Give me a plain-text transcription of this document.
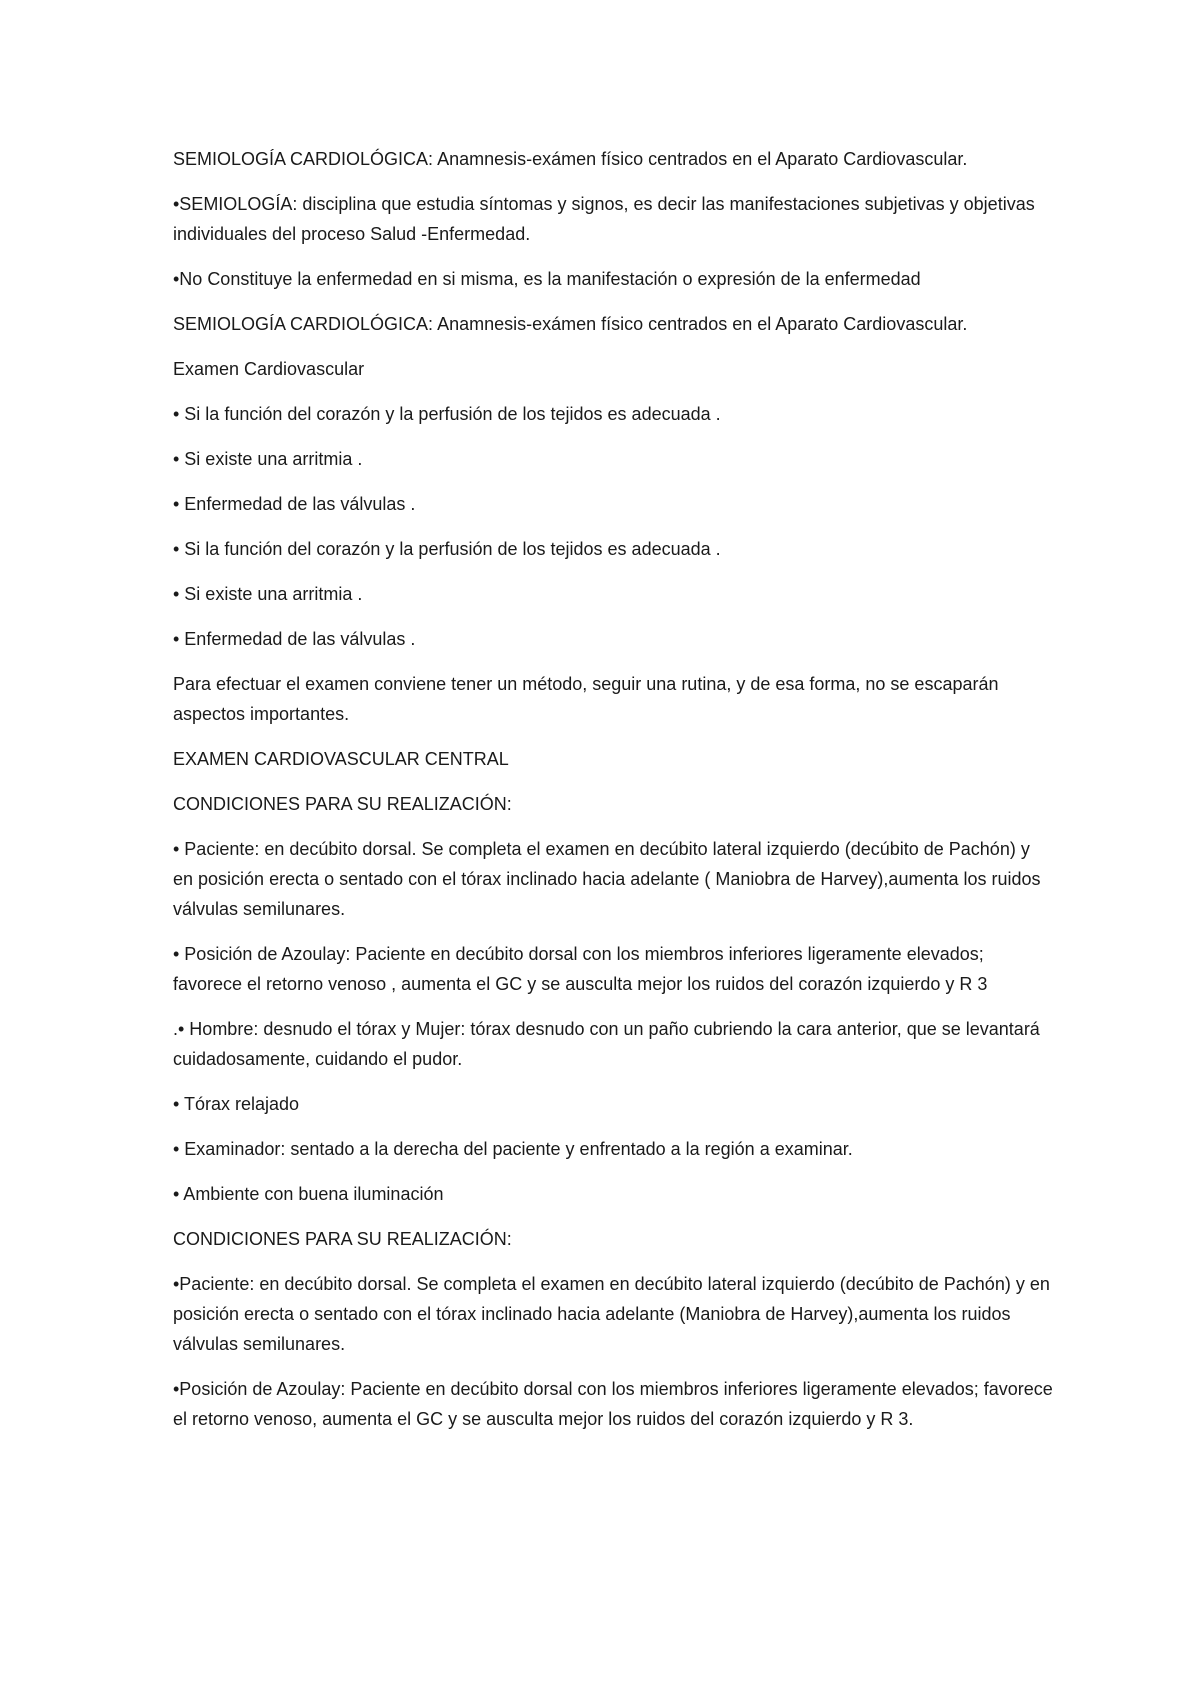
SEMIOLOGÍA CARDIOLÓGICA: Anamnesis-exámen físico centrados en el Aparato Cardiovascular.

•SEMIOLOGÍA: disciplina que estudia síntomas y signos, es decir las manifestaciones subjetivas y objetivas individuales del proceso Salud -Enfermedad.

•No Constituye la enfermedad en si misma, es la manifestación o expresión de la enfermedad

SEMIOLOGÍA CARDIOLÓGICA: Anamnesis-exámen físico centrados en el Aparato Cardiovascular.

Examen Cardiovascular

• Si la función del corazón y la perfusión de los tejidos es adecuada .

• Si existe una arritmia .

• Enfermedad de las válvulas .

• Si la función del corazón y la perfusión de los tejidos es adecuada .

• Si existe una arritmia .

• Enfermedad de las válvulas .

Para efectuar el examen conviene tener un método, seguir una rutina, y de esa forma, no se escaparán aspectos importantes.

EXAMEN CARDIOVASCULAR CENTRAL

CONDICIONES PARA SU REALIZACIÓN:

• Paciente: en decúbito dorsal. Se completa el examen en decúbito lateral izquierdo (decúbito de Pachón) y en posición erecta o sentado con el tórax inclinado hacia adelante ( Maniobra de Harvey),aumenta los ruidos válvulas semilunares.

• Posición de Azoulay: Paciente en decúbito dorsal con los miembros inferiores ligeramente elevados; favorece el retorno venoso , aumenta el GC y se ausculta mejor los ruidos del corazón izquierdo y R 3

.• Hombre: desnudo el tórax y Mujer: tórax desnudo con un paño cubriendo la cara anterior, que se levantará cuidadosamente, cuidando el pudor.

• Tórax relajado

• Examinador: sentado a la derecha del paciente y enfrentado a la región a examinar.

• Ambiente con buena iluminación

CONDICIONES PARA SU REALIZACIÓN:

•Paciente: en decúbito dorsal. Se completa el examen en decúbito lateral izquierdo (decúbito de Pachón) y en posición erecta o sentado con el tórax inclinado hacia adelante (Maniobra de Harvey),aumenta los ruidos válvulas semilunares.

•Posición de Azoulay: Paciente en decúbito dorsal con los miembros inferiores ligeramente elevados; favorece el retorno venoso, aumenta el GC y se ausculta mejor los ruidos del corazón izquierdo y R 3.
